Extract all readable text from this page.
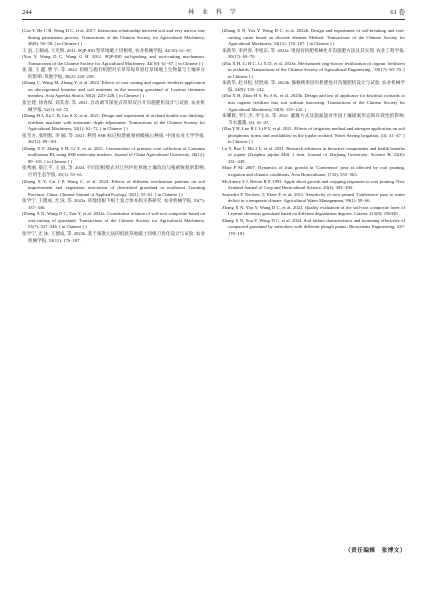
244	林 业 科 学	61 卷

(Cao Y, He C B, Wang D C, et al. 2017. Interaction relationship between soil and very narrow tine during penetration process. Transactions of the Chinese Society for Agricultural Machinery, 48(8): 50−58. [ in Chinese ] )

王 浪, 王蔺成, 王光辉. 2011. 9QP-830 型草地破土切根机. 农业机械学报, 42(10): 61−67.

(You Y, Wang D C, Wang G H. 2011. 9QP-830 soil-gashing and root-cutting mechanism. Transactions of the Chinese Society for Agricultural Machinery, 42(10): 61−67. [ in Chinese ] )

张 量, 王 鑫, 曹 宇, 等. 2022. 切根与施有机肥对羊草草甸草原打草场地上生物量与土壤养分的影响. 草地学报, 30(2): 220−228.

(Zhang C, Wang M, Zhang Y, et al. 2022. Effects of root cutting and organic fertilizer application on aboveground biomass and soil nutrients in the mowing grassland of Leymus chinensis meadow. Acta Agrestia Sinica, 30(2): 220−228. [ in Chinese ] )

张宏建, 徐春保, 刘其春, 等. 2021. 自动调节深度式草原双行开沟施肥机设计与试验. 农业机械学报, 52(1): 62−72.

(Zhang H J, Xu C B, Liu S X, et al. 2021. Design and experiment of orchard double row ditching-fertilizer machine with automatic depth adjustment. Transactions of the Chinese Society for Agricultural Machinery, 52(1): 62−72. [ in Chinese ] )

张雪方, 张明航, 李 颖, 等. 2021. 利用 SSR 标记构建板栗初级核心种质. 中国农业大学学报, 26(12): 89−101.

(Zhang X F, Zhang S H, Li Y, et al. 2021. Construction of primary core collection of Castanea mollissima BL using SSR molecular markers. Journal of China Agricultural University, 26(12): 89−101. [ in Chinese ] )

张秀丽, 蔡江平, 王 庭, 等. 2024. 不同切根模式对辽西沙化草地土壤改良与植被恢复的影响. 应用生态学报, 35(1): 55−61.

(Zhang X Y, Cai J P, Wang C, et al. 2024. Effects of different fertilization patterns on soil improvement and vegetation restoration of desertified grassland in northwest Liaoning Province, China. Chinese Journal of Applied Ecology, 35(1): 55−61. [ in Chinese ] )

张学宁, 王德成, 尤 泳, 等. 2022a. 草地切根下根土复合体本构关系研究. 农业机械学报, 53(7): 337−346.

(Zhang X N, Wang D C, You Y, et al. 2022a. Constitutive relation of soil-root composite based on root-cutting of grassland. Transactions of the Chinese Society for Agricultural Machinery, 53(7): 337−346. [ in Chinese ] )

张学宁, 尤 泳, 王德成, 等. 2022b. 基于离散元法的低扰草地破土切根刀优化设计与试验. 农业机械学报, 53(11): 176−187.

(Zhang X N, You Y, Wang D C, et al. 2022b. Design and experiment of soil-breaking and root-cutting cutter based on discrete element Method. Transactions of the Chinese Society for Agricultural Machinery, 53(11): 176−187. [ in Chinese ] )

朱新华, 李洪春, 李旭东, 等. 2023a. 果园有机肥机械化开沟施肥方法及其实现. 农业工程学报, 39(17): 60−70.

(Zhu X H, Li H C, Li X D, et al. 2023a. Mechanized ring-furrow fertilization of organic fertilizers in orchards. Transactions of the Chinese Society of Agricultural Engineering , 39(17): 60−70. [ in Chinese ] )

朱新华, 赵书松, 伏胜豪, 等. 2023b. 猕猴桃果园有机肥免开沟施肥机设计与试验. 农业机械学报, 54(9): 135−142.

(Zhu X H, Zhao H S, Fu S K, et al. 2023b. Design and test of applicator for kiwifruit orchards to mix organic fertilizer into soil without furrowing. Transactions of the Chinese Society for Agricultural Machinery, 54(9): 135−142. )

朱耀辉, 罗仁杰, 李宝永, 等. 2021. 灌溉方式及施氮量对枣园土壤硝素形态和有效性的影响. 节水灌溉, (4): 41−47.

(Zhu Y H, Luo R J, Li P Y, et al. 2021. Effects of irrigation method and nitrogen application on soil phosphorus forms and availability in the jujube orchard. Water Saving Irrigation, (4): 41−47. [ in Chinese ] )

Lu Y, Bao T, Mo J L, et al. 2021. Research advances in bioactive components and health benefits of jujube (Ziziphus jujuba Mill. ) fruit. Journal of Zhejiang University: Science B, 22(6): 431−449.

Maia F M. 2007. Dynamics of fruit growth in 'Conference' pear as affected by root pruning, irrigation and climatic conditions. Acta Horticulturae, (732): 555−563.

McArtney S J, Belton R P. 1992. Apple shoot growth and cropping responses to root pruning. New Zealand Journal of Crop and Horticultural Science, 20(4): 383−390.

Saavedra P, Deckers T, Ebert F, et al. 2011. Sensitivity of root pruned 'Conference' pear to water deficit in a temperate climate. Agricultural Water Management, 99(1): 58−66.

Zhang X N, You Y, Wang D C, et al. 2022. Quality evaluation of the soil-root composite layer of Leymus chinensis grassland based on different degradation degrees. Catena, 215(8): 106330.

Zhang X N, You Y, Wang D C, et al. 2024. Soil failure characteristics and loosening effectivity of compacted grassland by subsoilers with different plough points. Biosystems Engineering, 237: 170−181.

（责任编辑　张博文）
